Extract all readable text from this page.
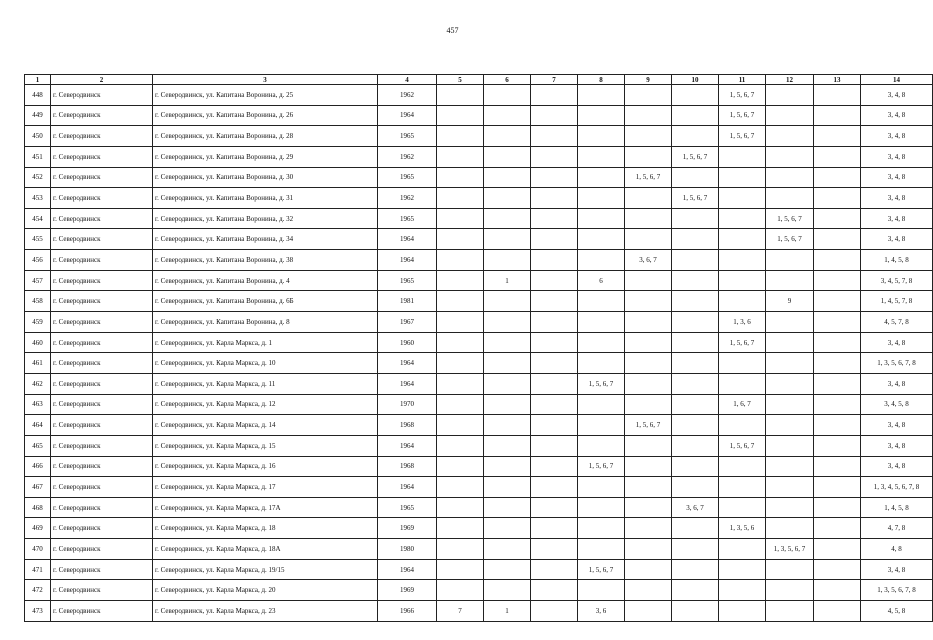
457
1	2	3	4	5	6	7	8	9	10	11	12	13	14
448	г. Северодвинск	г. Северодвинск, ул. Капитана Воронина, д. 25	1962							1, 5, 6, 7			3, 4, 8
449	г. Северодвинск	г. Северодвинск, ул. Капитана Воронина, д. 26	1964							1, 5, 6, 7			3, 4, 8
450	г. Северодвинск	г. Северодвинск, ул. Капитана Воронина, д. 28	1965							1, 5, 6, 7			3, 4, 8
451	г. Северодвинск	г. Северодвинск, ул. Капитана Воронина, д. 29	1962						1, 5, 6, 7				3, 4, 8
452	г. Северодвинск	г. Северодвинск, ул. Капитана Воронина, д. 30	1965					1, 5, 6, 7					3, 4, 8
453	г. Северодвинск	г. Северодвинск, ул. Капитана Воронина, д. 31	1962						1, 5, 6, 7				3, 4, 8
454	г. Северодвинск	г. Северодвинск, ул. Капитана Воронина, д. 32	1965								1, 5, 6, 7		3, 4, 8
455	г. Северодвинск	г. Северодвинск, ул. Капитана Воронина, д. 34	1964								1, 5, 6, 7		3, 4, 8
456	г. Северодвинск	г. Северодвинск, ул. Капитана Воронина, д. 38	1964					3, 6, 7					1, 4, 5, 8
457	г. Северодвинск	г. Северодвинск, ул. Капитана Воронина, д. 4	1965		1		6						3, 4, 5, 7, 8
458	г. Северодвинск	г. Северодвинск, ул. Капитана Воронина, д. 6Б	1981								9		1, 4, 5, 7, 8
459	г. Северодвинск	г. Северодвинск, ул. Капитана Воронина, д. 8	1967							1, 3, 6			4, 5, 7, 8
460	г. Северодвинск	г. Северодвинск, ул. Карла Маркса, д. 1	1960							1, 5, 6, 7			3, 4, 8
461	г. Северодвинск	г. Северодвинск, ул. Карла Маркса, д. 10	1964										1, 3, 5, 6, 7, 8
462	г. Северодвинск	г. Северодвинск, ул. Карла Маркса, д. 11	1964				1, 5, 6, 7						3, 4, 8
463	г. Северодвинск	г. Северодвинск, ул. Карла Маркса, д. 12	1970							1, 6, 7			3, 4, 5, 8
464	г. Северодвинск	г. Северодвинск, ул. Карла Маркса, д. 14	1968					1, 5, 6, 7					3, 4, 8
465	г. Северодвинск	г. Северодвинск, ул. Карла Маркса, д. 15	1964							1, 5, 6, 7			3, 4, 8
466	г. Северодвинск	г. Северодвинск, ул. Карла Маркса, д. 16	1968				1, 5, 6, 7						3, 4, 8
467	г. Северодвинск	г. Северодвинск, ул. Карла Маркса, д. 17	1964										1, 3, 4, 5, 6, 7, 8
468	г. Северодвинск	г. Северодвинск, ул. Карла Маркса, д. 17А	1965						3, 6, 7				1, 4, 5, 8
469	г. Северодвинск	г. Северодвинск, ул. Карла Маркса, д. 18	1969							1, 3, 5, 6			4, 7, 8
470	г. Северодвинск	г. Северодвинск, ул. Карла Маркса, д. 18А	1980								1, 3, 5, 6, 7		4, 8
471	г. Северодвинск	г. Северодвинск, ул. Карла Маркса, д. 19/15	1964				1, 5, 6, 7						3, 4, 8
472	г. Северодвинск	г. Северодвинск, ул. Карла Маркса, д. 20	1969										1, 3, 5, 6, 7, 8
473	г. Северодвинск	г. Северодвинск, ул. Карла Маркса, д. 23	1966	7	1		3, 6						4, 5, 8
